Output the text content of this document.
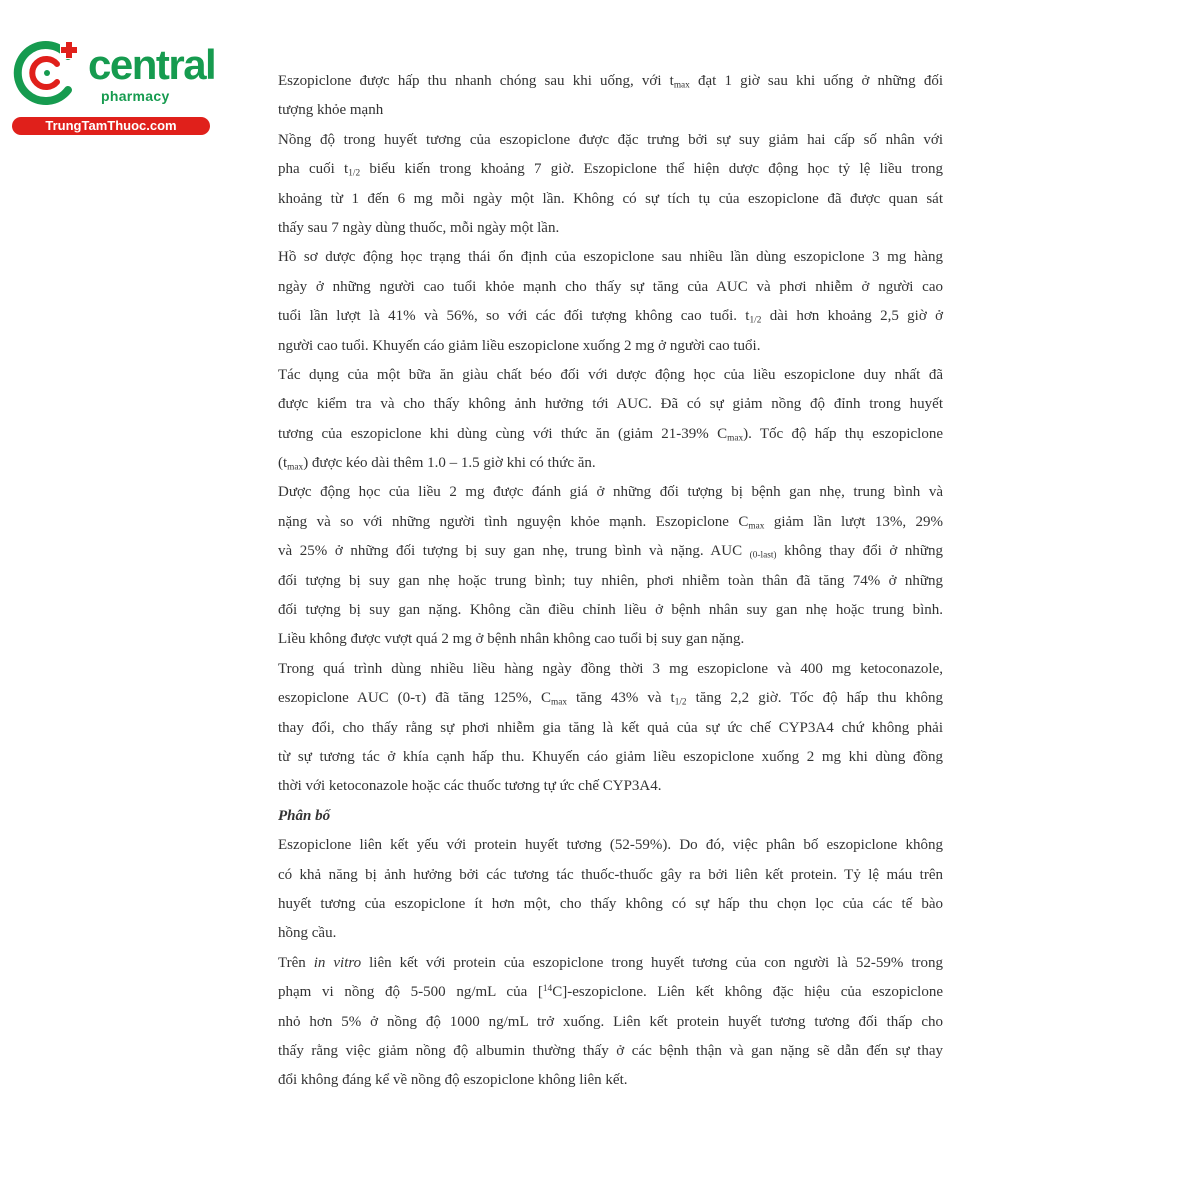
central
pharmacy
TrungTamThuoc.com
Eszopiclone được hấp thu nhanh chóng sau khi uống, với $t_{max}$ đạt 1 giờ sau khi uống ở những đối
tượng khỏe mạnh
Nồng độ trong huyết tương của eszopiclone được đặc trưng bởi sự suy giảm hai cấp số nhân với
pha cuối $t_{1/2}$ biểu kiến trong khoảng 7 giờ. Eszopiclone thể hiện dược động học tỷ lệ liều trong
khoảng từ 1 đến 6 mg mỗi ngày một lần. Không có sự tích tụ của eszopiclone đã được quan sát
thấy sau 7 ngày dùng thuốc, mỗi ngày một lần.
Hồ sơ dược động học trạng thái ổn định của eszopiclone sau nhiều lần dùng eszopiclone 3 mg hàng
ngày ở những người cao tuổi khỏe mạnh cho thấy sự tăng của AUC và phơi nhiễm ở người cao
tuổi lần lượt là 41% và 56%, so với các đối tượng không cao tuổi. $t_{1/2}$ dài hơn khoảng 2,5 giờ ở
người cao tuổi. Khuyến cáo giảm liều eszopiclone xuống 2 mg ở người cao tuổi.
Tác dụng của một bữa ăn giàu chất béo đối với dược động học của liều eszopiclone duy nhất đã
được kiểm tra và cho thấy không ảnh hưởng tới AUC. Đã có sự giảm nồng độ đỉnh trong huyết
tương của eszopiclone khi dùng cùng với thức ăn (giảm 21-39% $C_{max}$). Tốc độ hấp thụ eszopiclone
$(t_{max})$ được kéo dài thêm 1.0 – 1.5 giờ khi có thức ăn.
Dược động học của liều 2 mg được đánh giá ở những đối tượng bị bệnh gan nhẹ, trung bình và
nặng và so với những người tình nguyện khỏe mạnh. Eszopiclone $C_{max}$ giảm lần lượt 13%, 29%
và 25% ở những đối tượng bị suy gan nhẹ, trung bình và nặng. AUC $_{(0-last)}$ không thay đổi ở những
đối tượng bị suy gan nhẹ hoặc trung bình; tuy nhiên, phơi nhiễm toàn thân đã tăng 74% ở những
đối tượng bị suy gan nặng. Không cần điều chỉnh liều ở bệnh nhân suy gan nhẹ hoặc trung bình.
Liều không được vượt quá 2 mg ở bệnh nhân không cao tuổi bị suy gan nặng.
Trong quá trình dùng nhiều liều hàng ngày đồng thời 3 mg eszopiclone và 400 mg ketoconazole,
eszopiclone AUC (0-τ) đã tăng 125%, $C_{max}$ tăng 43% và $t_{1/2}$ tăng 2,2 giờ. Tốc độ hấp thu không
thay đổi, cho thấy rằng sự phơi nhiễm gia tăng là kết quả của sự ức chế CYP3A4 chứ không phải
từ sự tương tác ở khía cạnh hấp thu. Khuyến cáo giảm liều eszopiclone xuống 2 mg khi dùng đồng
thời với ketoconazole hoặc các thuốc tương tự ức chế CYP3A4.
Phân bố
Eszopiclone liên kết yếu với protein huyết tương (52-59%). Do đó, việc phân bố eszopiclone không
có khả năng bị ảnh hưởng bởi các tương tác thuốc-thuốc gây ra bởi liên kết protein. Tỷ lệ máu trên
huyết tương của eszopiclone ít hơn một, cho thấy không có sự hấp thu chọn lọc của các tế bào
hồng cầu.
Trên in vitro liên kết với protein của eszopiclone trong huyết tương của con người là 52-59% trong
phạm vi nồng độ 5-500 ng/mL của [$^{14}$C]-eszopiclone. Liên kết không đặc hiệu của eszopiclone
nhỏ hơn 5% ở nồng độ 1000 ng/mL trở xuống. Liên kết protein huyết tương tương đối thấp cho
thấy rằng việc giảm nồng độ albumin thường thấy ở các bệnh thận và gan nặng sẽ dẫn đến sự thay
đổi không đáng kể về nồng độ eszopiclone không liên kết.
